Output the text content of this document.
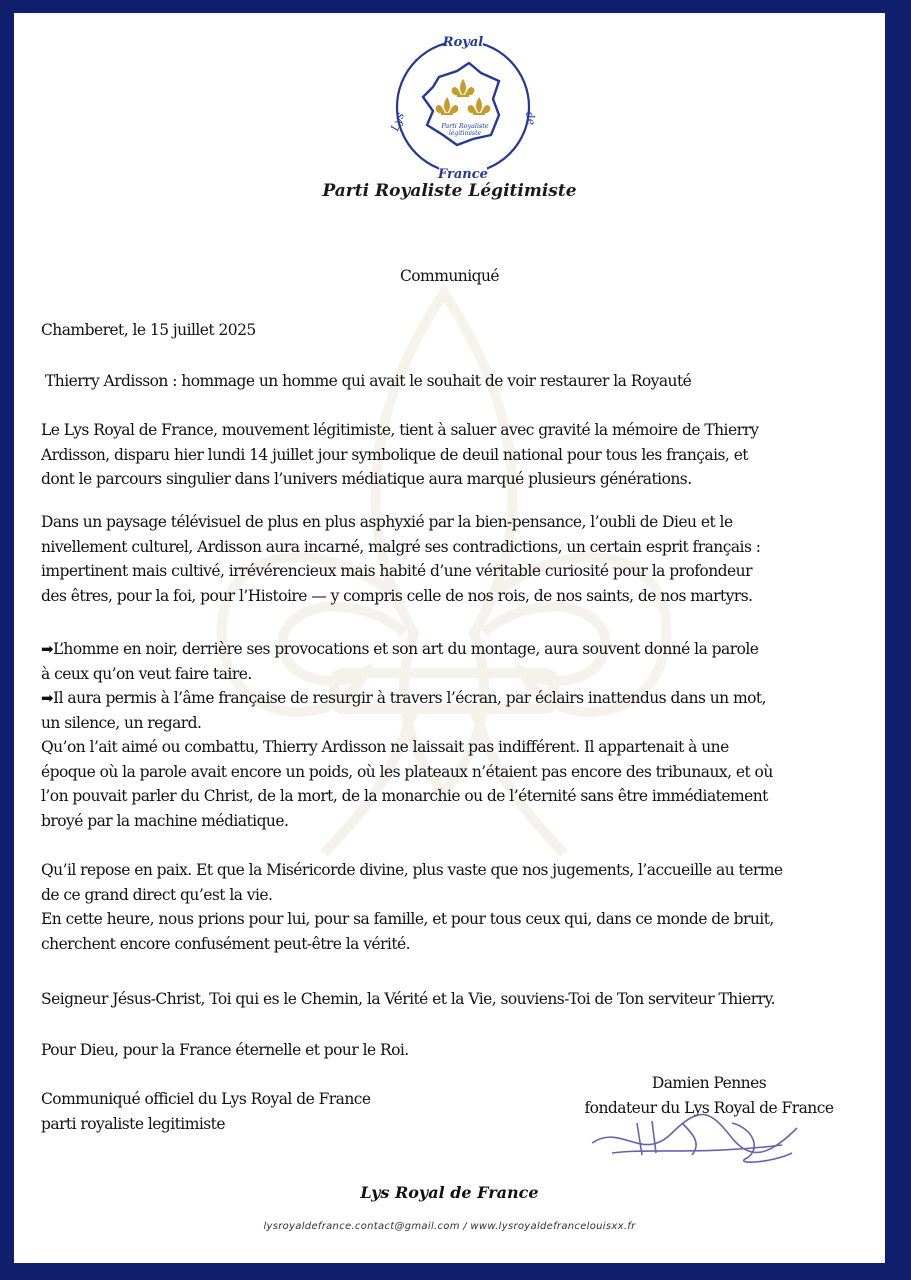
Royal
France
Lys	de
Parti Royaliste
légitimiste
Parti Royaliste Légitimiste
Communiqué
Chamberet, le 15 juillet 2025
Thierry Ardisson : hommage un homme qui avait le souhait de voir restaurer la Royauté
Le Lys Royal de France, mouvement légitimiste, tient à saluer avec gravité la mémoire de Thierry
Ardisson, disparu hier lundi 14 juillet jour symbolique de deuil national pour tous les français, et
dont le parcours singulier dans l’univers médiatique aura marqué plusieurs générations.
Dans un paysage télévisuel de plus en plus asphyxié par la bien-pensance, l’oubli de Dieu et le
nivellement culturel, Ardisson aura incarné, malgré ses contradictions, un certain esprit français :
impertinent mais cultivé, irrévérencieux mais habité d’une véritable curiosité pour la profondeur
des êtres, pour la foi, pour l’Histoire — y compris celle de nos rois, de nos saints, de nos martyrs.
➡L’homme en noir, derrière ses provocations et son art du montage, aura souvent donné la parole
à ceux qu’on veut faire taire.
➡Il aura permis à l’âme française de resurgir à travers l’écran, par éclairs inattendus dans un mot,
un silence, un regard.
Qu’on l’ait aimé ou combattu, Thierry Ardisson ne laissait pas indifférent. Il appartenait à une
époque où la parole avait encore un poids, où les plateaux n’étaient pas encore des tribunaux, et où
l’on pouvait parler du Christ, de la mort, de la monarchie ou de l’éternité sans être immédiatement
broyé par la machine médiatique.
Qu’il repose en paix. Et que la Miséricorde divine, plus vaste que nos jugements, l’accueille au terme
de ce grand direct qu’est la vie.
En cette heure, nous prions pour lui, pour sa famille, et pour tous ceux qui, dans ce monde de bruit,
cherchent encore confusément peut-être la vérité.
Seigneur Jésus-Christ, Toi qui es le Chemin, la Vérité et la Vie, souviens-Toi de Ton serviteur Thierry.
Pour Dieu, pour la France éternelle et pour le Roi.
Communiqué officiel du Lys Royal de France
parti royaliste legitimiste
Damien Pennes
fondateur du Lys Royal de France
Lys Royal de France
lysroyaldefrance.contact@gmail.com / www.lysroyaldefrancelouisxx.fr
